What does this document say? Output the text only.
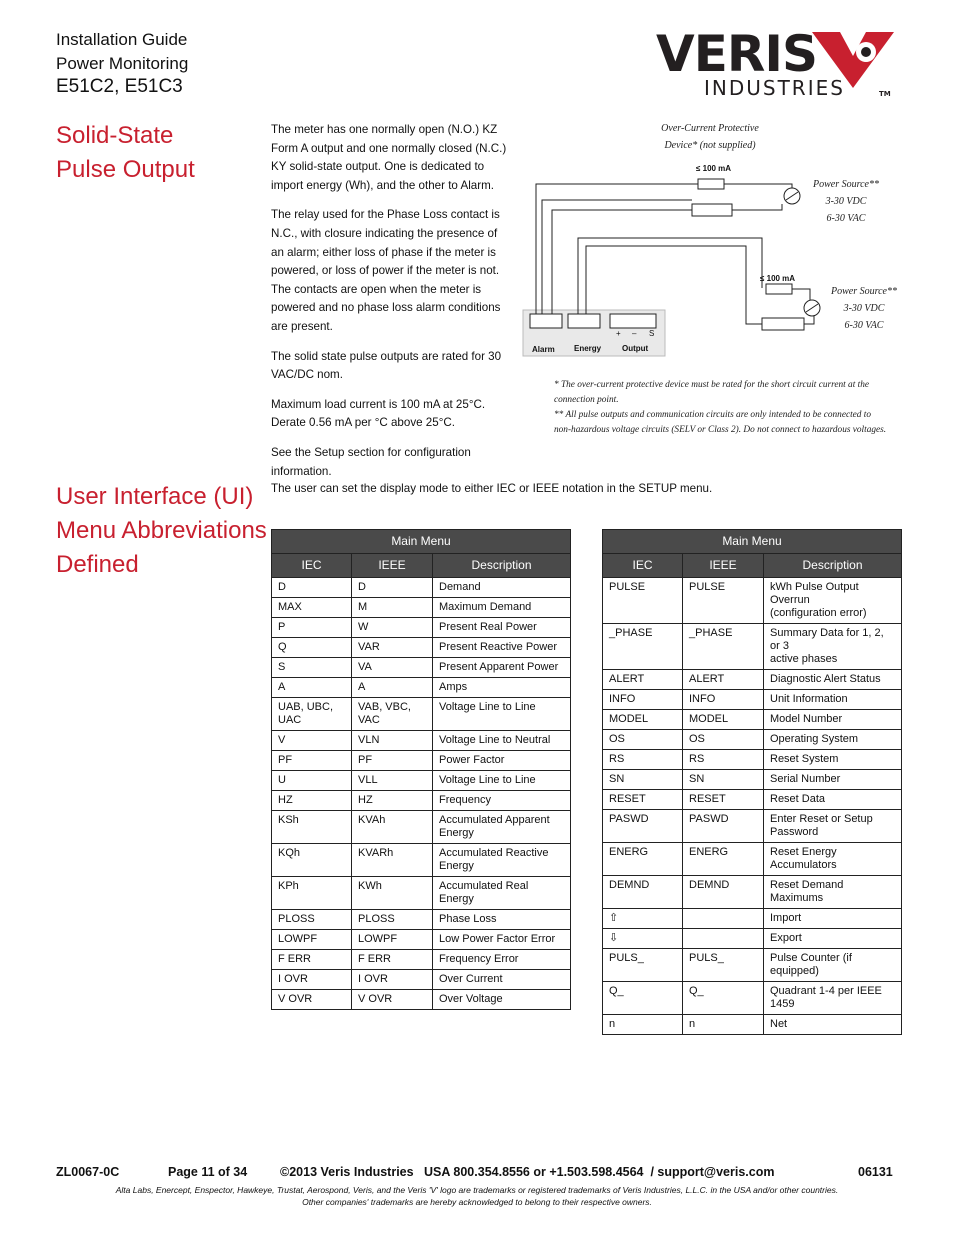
Installation Guide
Power Monitoring
E51C2, E51C3
VERIS
INDUSTRIES	TM
Solid-State
Pulse Output

The meter has one normally open (N.O.) KZ Form A output and one normally closed (N.C.) KY solid-state output. One is dedicated to import energy (Wh), and the other to Alarm.

The relay used for the Phase Loss contact is N.C., with closure indicating the presence of an alarm; either loss of phase if the meter is powered, or loss of power if the meter is not. The contacts are open when the meter is powered and no phase loss alarm conditions are present.

The solid state pulse outputs are rated for 30 VAC/DC nom.

Maximum load current is 100 mA at 25°C. Derate 0.56 mA per °C above 25°C.

See the Setup section for configuration information.

Over-Current Protective
Device* (not supplied)
≤ 100 mA
≤ 100 mA
Power Source**
3-30 VDC
6-30 VAC
Power Source**
3-30 VDC
6-30 VAC
+ – S
Alarm Energy	Output
* The over-current protective device must be rated for the short circuit current at the
connection point.
** All pulse outputs and communication circuits are only intended to be connected to
non-hazardous voltage circuits (SELV or Class 2). Do not connect to hazardous voltages.
User Interface (UI)
Menu Abbreviations
Defined
The user can set the display mode to either IEC or IEEE notation in the SETUP menu.
Main Menu		
IEC	IEEE	Description
D	D	Demand
MAX	M	Maximum Demand
P	W	Present Real Power
Q	VAR	Present Reactive Power
S	VA	Present Apparent Power
A	A	Amps
UAB, UBC, UAC	VAB, VBC, VAC	Voltage Line to Line
V	VLN	Voltage Line to Neutral
PF	PF	Power Factor
U	VLL	Voltage Line to Line
HZ	HZ	Frequency
KSh	KVAh	Accumulated Apparent
Energy
KQh	KVARh	Accumulated Reactive
Energy
KPh	KWh	Accumulated Real Energy
PLOSS	PLOSS	Phase Loss
LOWPF	LOWPF	Low Power Factor Error
F ERR	F ERR	Frequency Error
I OVR	I OVR	Over Current
V OVR	V OVR	Over Voltage
Main Menu		
IEC	IEEE	Description
PULSE	PULSE	kWh Pulse Output Overrun
(configuration error)
_PHASE	_PHASE	Summary Data for 1, 2, or 3
active phases
ALERT	ALERT	Diagnostic Alert Status
INFO	INFO	Unit Information
MODEL	MODEL	Model Number
OS	OS	Operating System
RS	RS	Reset System
SN	SN	Serial Number
RESET	RESET	Reset Data
PASWD	PASWD	Enter Reset or Setup
Password
ENERG	ENERG	Reset Energy Accumulators
DEMND	DEMND	Reset Demand Maximums
⇧		Import
⇩		Export
PULS_	PULS_	Pulse Counter (if equipped)
Q_	Q_	Quadrant 1-4 per IEEE 1459
n	n	Net
ZL0067-0C	Page 11 of 34	©2013 Veris Industries   USA 800.354.8556 or +1.503.598.4564  / support@veris.com	06131
Alta Labs, Enercept, Enspector, Hawkeye, Trustat, Aerospond, Veris, and the Veris 'V' logo are trademarks or registered trademarks of Veris Industries, L.L.C. in the USA and/or other countries.
Other companies' trademarks are hereby acknowledged to belong to their respective owners.
